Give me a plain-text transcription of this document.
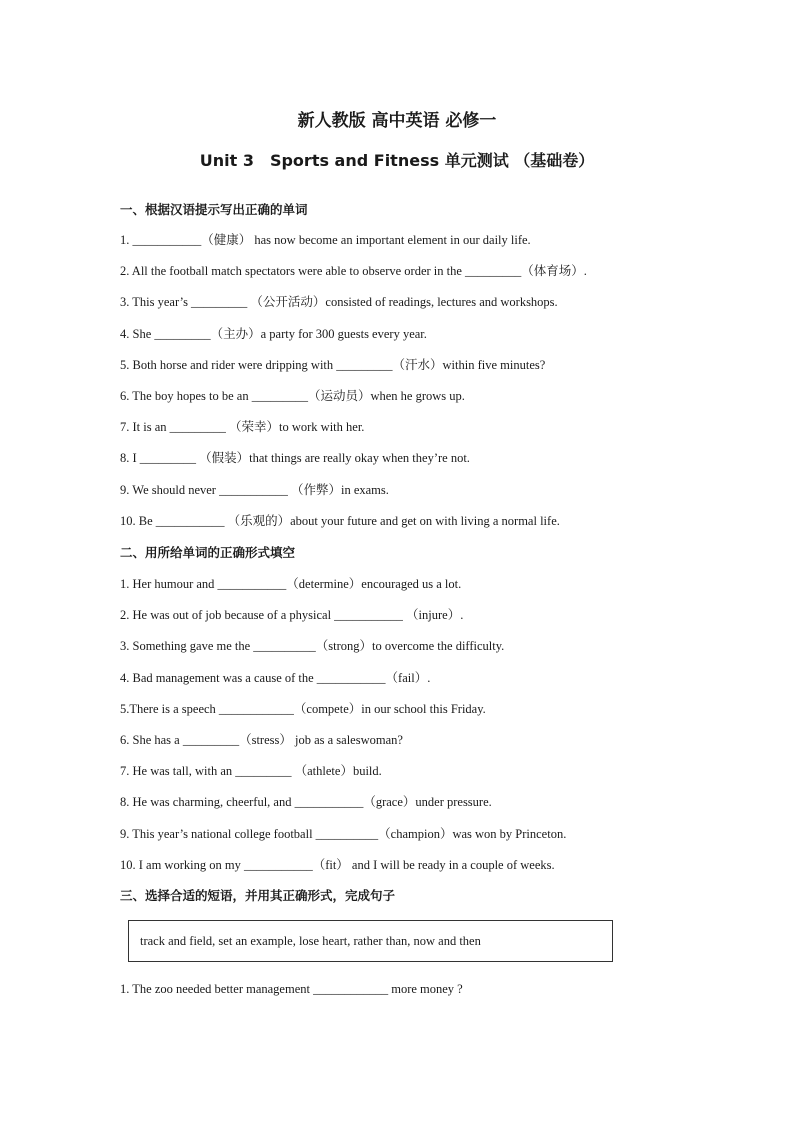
新人教版 高中英语 必修一
Unit 3　Sports and Fitness 单元测试 （基础卷）
一、根据汉语提示写出正确的单词
1. ___________（健康） has now become an important element in our daily life.
2. All the football match spectators were able to observe order in the _________（体育场）.
3. This year’s _________ （公开活动）consisted of readings, lectures and workshops.
4. She _________（主办）a party for 300 guests every year.
5. Both horse and rider were dripping with _________（汗水）within five minutes?
6. The boy hopes to be an _________（运动员）when he grows up.
7. It is an _________ （荣幸）to work with her.
8. I _________ （假装）that things are really okay when they’re not.
9. We should never ___________ （作弊）in exams.
10. Be ___________ （乐观的）about your future and get on with living a normal life.
二、用所给单词的正确形式填空
1. Her humour and ___________（determine）encouraged us a lot.
2. He was out of job because of a physical ___________ （injure）.
3. Something gave me the __________（strong）to overcome the difficulty.
4. Bad management was a cause of the ___________（fail）.
5.There is a speech ____________（compete）in our school this Friday.
6. She has a _________（stress） job as a saleswoman?
7. He was tall, with an _________ （athlete）build.
8. He was charming, cheerful, and ___________（grace）under pressure.
9. This year’s national college football __________（champion）was won by Princeton.
10. I am working on my ___________（fit） and I will be ready in a couple of weeks.
三、选择合适的短语，并用其正确形式，完成句子
track and field, set an example, lose heart, rather than, now and then
1. The zoo needed better management ____________ more money ?
